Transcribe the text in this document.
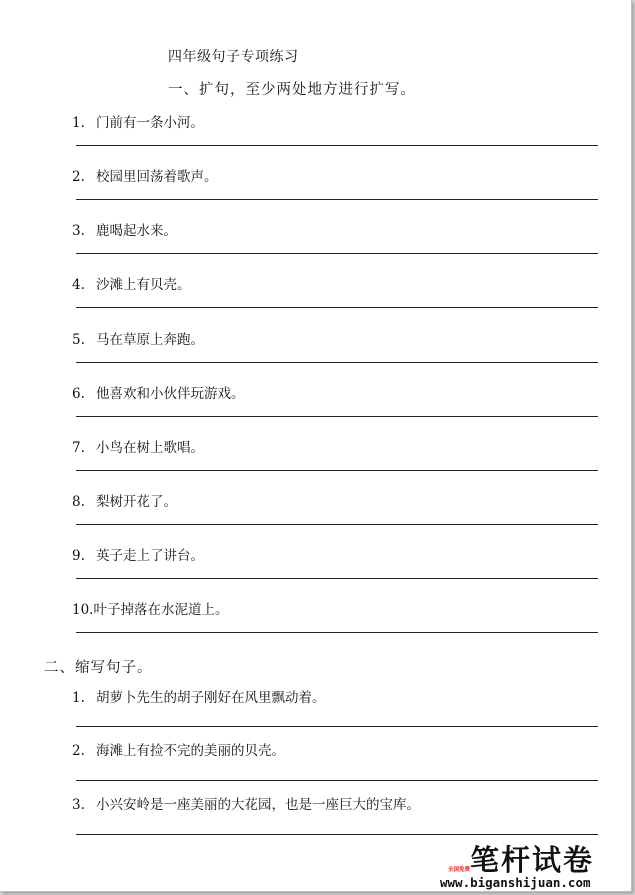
四年级句子专项练习
一、扩句，至少两处地方进行扩写。
1. 门前有一条小河。
2. 校园里回荡着歌声。
3. 鹿喝起水来。
4. 沙滩上有贝壳。
5. 马在草原上奔跑。
6. 他喜欢和小伙伴玩游戏。
7. 小鸟在树上歌唱。
8. 梨树开花了。
9. 英子走上了讲台。
10.叶子掉落在水泥道上。
二、缩写句子。
1. 胡萝卜先生的胡子刚好在风里飘动着。
2. 海滩上有捡不完的美丽的贝壳。
3. 小兴安岭是一座美丽的大花园，也是一座巨大的宝库。
笔杆试卷
全国免费
www.biganshijuan.com
